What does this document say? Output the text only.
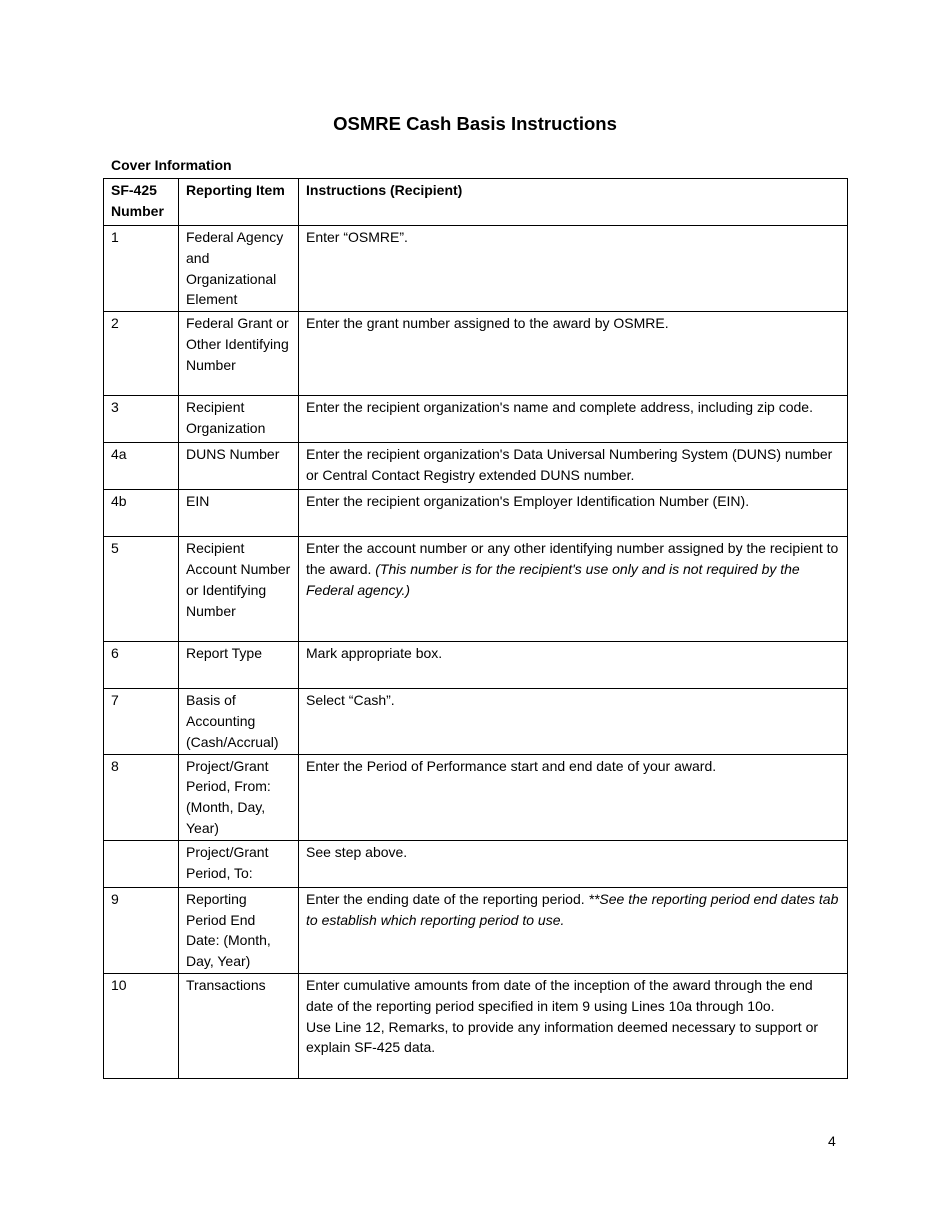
OSMRE Cash Basis Instructions
Cover Information
SF-425 Number	Reporting Item	Instructions (Recipient)
1	Federal Agency and Organizational Element	Enter “OSMRE”.
2	Federal Grant or Other Identifying Number	Enter the grant number assigned to the award by OSMRE.
3	Recipient Organization	Enter the recipient organization's name and complete address, including zip code.
4a	DUNS Number	Enter the recipient organization's Data Universal Numbering System (DUNS) number or Central Contact Registry extended DUNS number.
4b	EIN	Enter the recipient organization's Employer Identification Number (EIN).
5	Recipient Account Number or Identifying Number	Enter the account number or any other identifying number assigned by the recipient to the award. (This number is for the recipient's use only and is not required by the Federal agency.)
6	Report Type	Mark appropriate box.
7	Basis of Accounting (Cash/Accrual)	Select “Cash”.
8	Project/Grant Period, From: (Month, Day, Year)	Enter the Period of Performance start and end date of your award.
	Project/Grant Period, To:	See step above.
9	Reporting Period End Date: (Month, Day, Year)	Enter the ending date of the reporting period. **See the reporting period end dates tab to establish which reporting period to use.
10	Transactions	Enter cumulative amounts from date of the inception of the award through the end date of the reporting period specified in item 9 using Lines 10a through 10o.
Use Line 12, Remarks, to provide any information deemed necessary to support or explain SF-425 data.
4
